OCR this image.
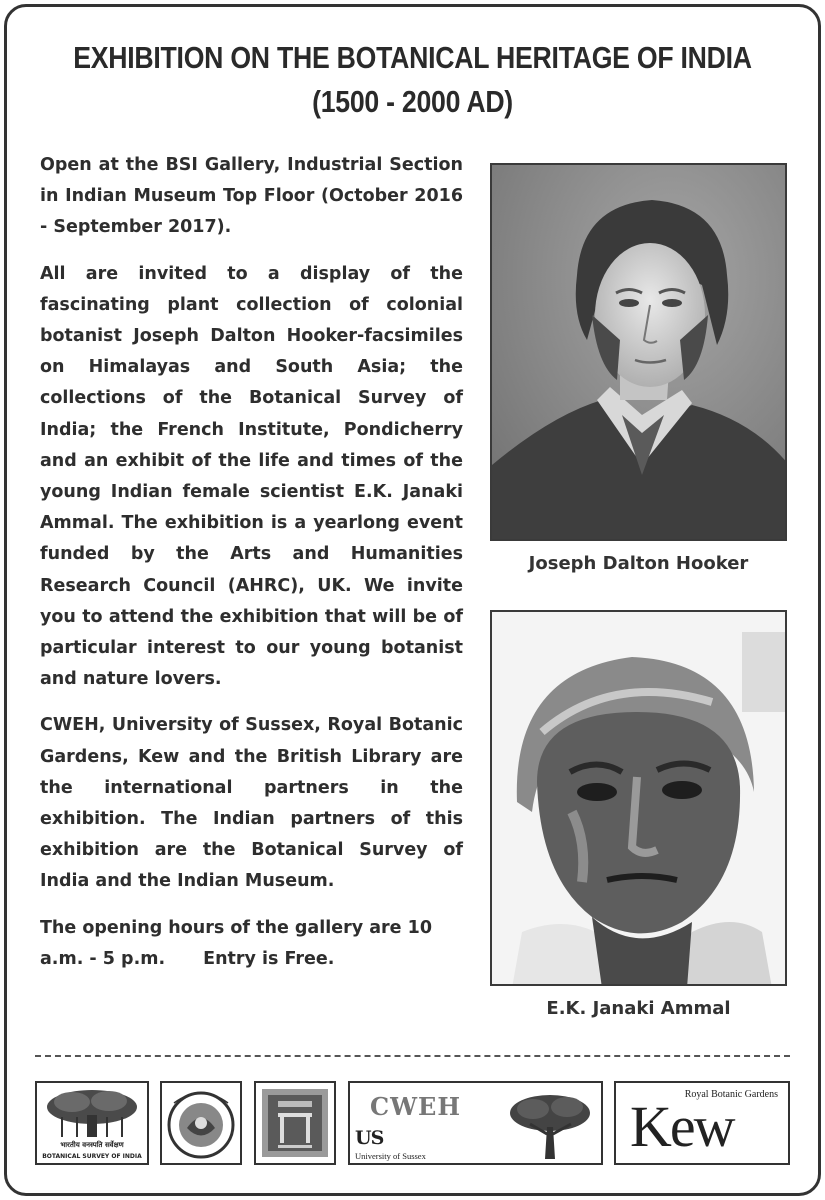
EXHIBITION ON THE BOTANICAL HERITAGE OF INDIA
(1500 - 2000 AD)

Open at the BSI Gallery, Industrial Section in Indian Museum Top Floor (October 2016 - September 2017).

All are invited to a display of the fascinating plant collection of colonial botanist Joseph Dalton Hooker-facsimiles on Himalayas and South Asia; the collections of the Botanical Survey of India; the French Institute, Pondicherry and an exhibit of the life and times of the young Indian female scientist E.K. Janaki Ammal. The exhibition is a yearlong event funded by the Arts and Humanities Research Council (AHRC), UK. We invite you to attend the exhibition that will be of particular interest to our young botanist and nature lovers.

CWEH, University of Sussex, Royal Botanic Gardens, Kew and the British Library are the international partners in the exhibition. The Indian partners of this exhibition are the Botanical Survey of India and the Indian Museum.

The opening hours of the gallery are 10 a.m. - 5 p.m. Entry is Free.

Joseph Dalton Hooker
E.K. Janaki Ammal
भारतीय वनस्पति सर्वेक्षण
BOTANICAL SURVEY OF INDIA
CWEH
US
University of Sussex
Royal Botanic Gardens
Kew
